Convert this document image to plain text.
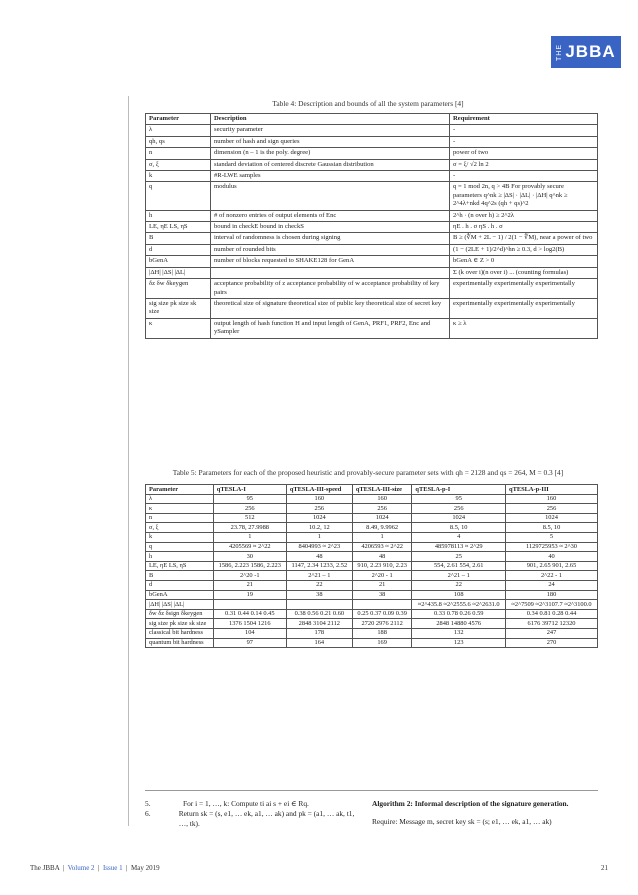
THE JBBA
Table 4: Description and bounds of all the system parameters [4]
Parameter	Description	Requirement
λ	security parameter	-
qh, qs	number of hash and sign queries	-
n	dimension (n – 1 is the poly. degree)	power of two
σ, ξ	standard deviation of centered discrete Gaussian distribution	σ = ξ/ √2 ln 2
k	#R-LWE samples	-
q	modulus	q = 1 mod 2n, q > 4B For provably secure parameters q^nk ≥ |ΔS| · |ΔL| · |ΔH| q^nk ≥ 2^4λ+nkd 4q^2s (qh + qs)^2
h	# of nonzero entries of output elements of Enc	2^h · (n over h) ≥ 2^2λ
LE, ηE LS, ηS	bound in checkE bound in checkS	ηE . h . σ ηS . h . σ
B	interval of randomness is chosen during signing	B ≥ (∜M + 2L − 1) / 2(1 − ∜M), near a power of two
d	number of rounded bits	(1 − (2LE + 1)/2^d)^hn ≥ 0.3, d > log2(B)
bGenA	number of blocks requested to SHAKE128 for GenA	bGenA ∈ Z > 0
|ΔH| |ΔS| |ΔL|		Σ (k over i)(n over i) ... (counting formulas)
δz δw δkeygen	acceptance probability of z acceptance probability of w acceptance probability of key pairs	experimentally experimentally experimentally
sig size pk size sk size	theoretical size of signature theoretical size of public key theoretical size of secret key	experimentally experimentally experimentally
κ	output length of hash function H and input length of GenA, PRF1, PRF2, Enc and ySampler	κ ≥ λ
Table 5: Parameters for each of the proposed heuristic and provably-secure parameter sets with qh = 2128 and qs = 264, M = 0.3 [4]
Parameter	qTESLA-I	qTESLA-III-speed	qTESLA-III-size	qTESLA-p-I	qTESLA-p-III
λ	95	160	160	95	160
κ	256	256	256	256	256
n	512	1024	1024	1024	1024
σ, ξ	23.78, 27.9988	10.2, 12	8.49, 9.9962	8.5, 10	8.5, 10
k	1	1	1	4	5
q	4205569 ≈ 2^22	8404993 ≈ 2^23	4206593 ≈ 2^22	485978113 ≈ 2^29	1129725953 ≈ 2^30
h	30	48	48	25	40
LE, ηE LS, ηS	1586, 2.223 1586, 2.223	1147, 2.34 1233, 2.52	910, 2.23 910, 2.23	554, 2.61 554, 2.61	901, 2.65 901, 2.65
B	2^20 -1	2^21 – 1	2^20 - 1	2^21 – 1	2^22 - 1
d	21	22	21	22	24
bGenA	19	38	38	108	180
|ΔH| |ΔS| |ΔL|				≈2^435.8 ≈2^2555.6 ≈2^2631.0	≈2^7509 ≈2^3107.7 ≈2^3100.0
δw δz δsign δkeygen	0.31 0.44 0.14 0.45	0.38 0.56 0.21 0.60	0.25 0.37 0.09 0.39	0.33 0.78 0.26 0.59	0.34 0.81 0.28 0.44
sig size pk size sk size	1376 1504 1216	2848 3104 2112	2720 2976 2112	2848 14880 4576	6176 39712 12320
classical bit hardness	104	178	188	132	247
quantum bit hardness	97	164	169	123	270
5.	For i = 1, …, k: Compute ti ai s + ei ∈ Rq.
6.	Return sk = (s, e1, … ek, a1, … ak) and pk = (a1, … ak, t1, …, tk).
Algorithm 2: Informal description of the signature generation.
Require: Message m, secret key sk = (s; e1, … ek, a1, … ak)
The JBBA  |  Volume 2  |  Issue 1  |  May 2019	21
